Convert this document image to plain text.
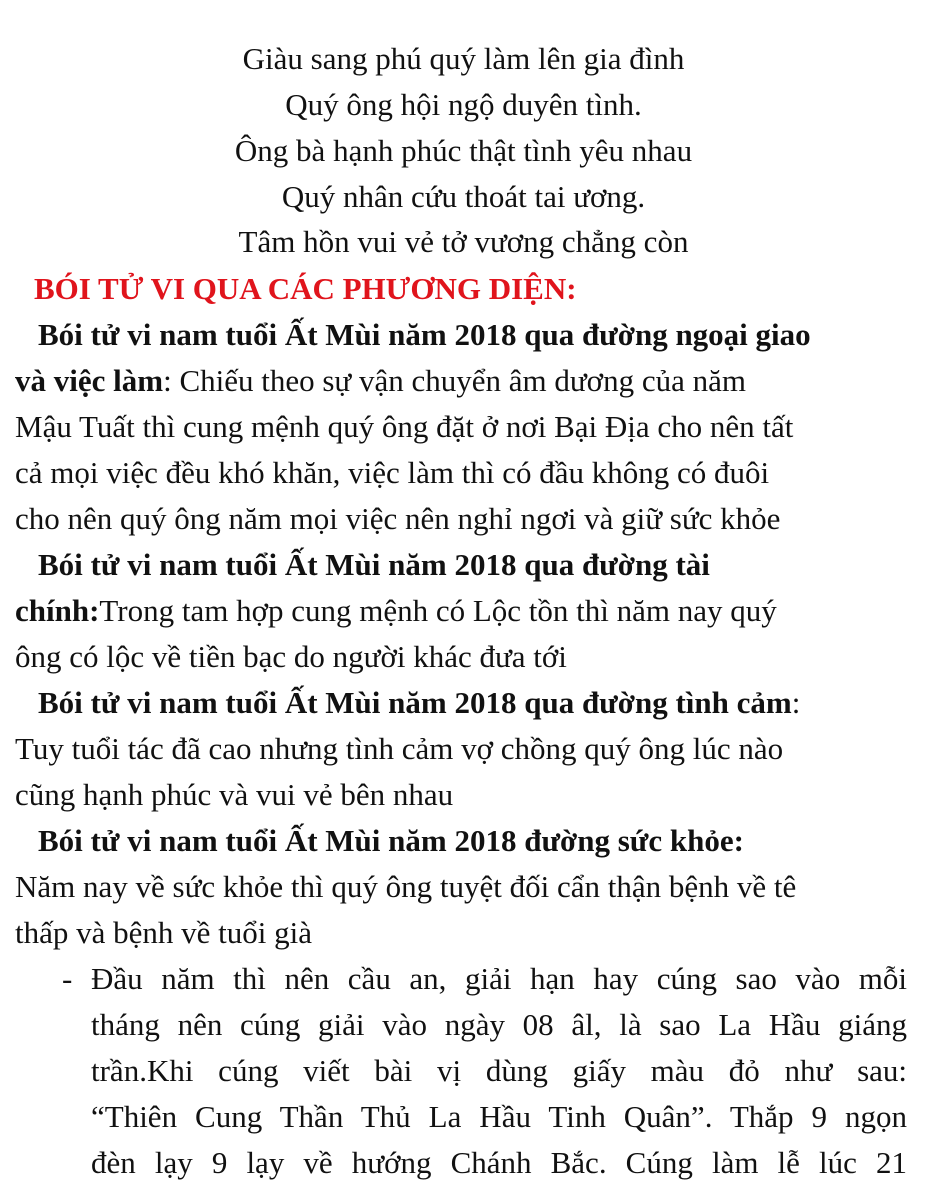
Giàu sang phú quý làm lên gia đình
Quý ông hội ngộ duyên tình.
Ông bà hạnh phúc thật tình yêu nhau
Quý nhân cứu thoát tai ương.
Tâm hồn vui vẻ tở vương chẳng còn
BÓI TỬ VI QUA CÁC PHƯƠNG DIỆN:
Bói tử vi nam tuổi Ất Mùi năm 2018 qua đường ngoại giao
và việc làm: Chiếu theo sự vận chuyển âm dương của năm
Mậu Tuất thì cung mệnh quý ông đặt ở nơi Bại Địa cho nên tất
cả mọi việc đều khó khăn, việc làm thì có đầu không có đuôi
cho nên quý ông năm mọi việc nên nghỉ ngơi và giữ sức khỏe
Bói tử vi nam tuổi Ất Mùi năm 2018 qua đường tài
chính:Trong tam hợp cung mệnh có Lộc tồn thì năm nay quý
ông có lộc về tiền bạc do người khác đưa tới
Bói tử vi nam tuổi Ất Mùi năm 2018 qua đường tình cảm:
Tuy tuổi tác đã cao nhưng tình cảm vợ chồng quý ông lúc nào
cũng hạnh phúc và vui vẻ bên nhau
Bói tử vi nam tuổi Ất Mùi năm 2018 đường sức khỏe:
Năm nay về sức khỏe thì quý ông tuyệt đối cẩn thận bệnh về tê
thấp và bệnh về tuổi già
- Đầu năm thì nên cầu an, giải hạn hay cúng sao vào mỗi
tháng nên cúng giải vào ngày 08 âl, là sao La Hầu giáng
trần.Khi cúng viết bài vị dùng giấy màu đỏ như sau:
“Thiên Cung Thần Thủ La Hầu Tinh Quân”. Thắp 9 ngọn
đèn lạy 9 lạy về hướng Chánh Bắc. Cúng làm lễ lúc 21
